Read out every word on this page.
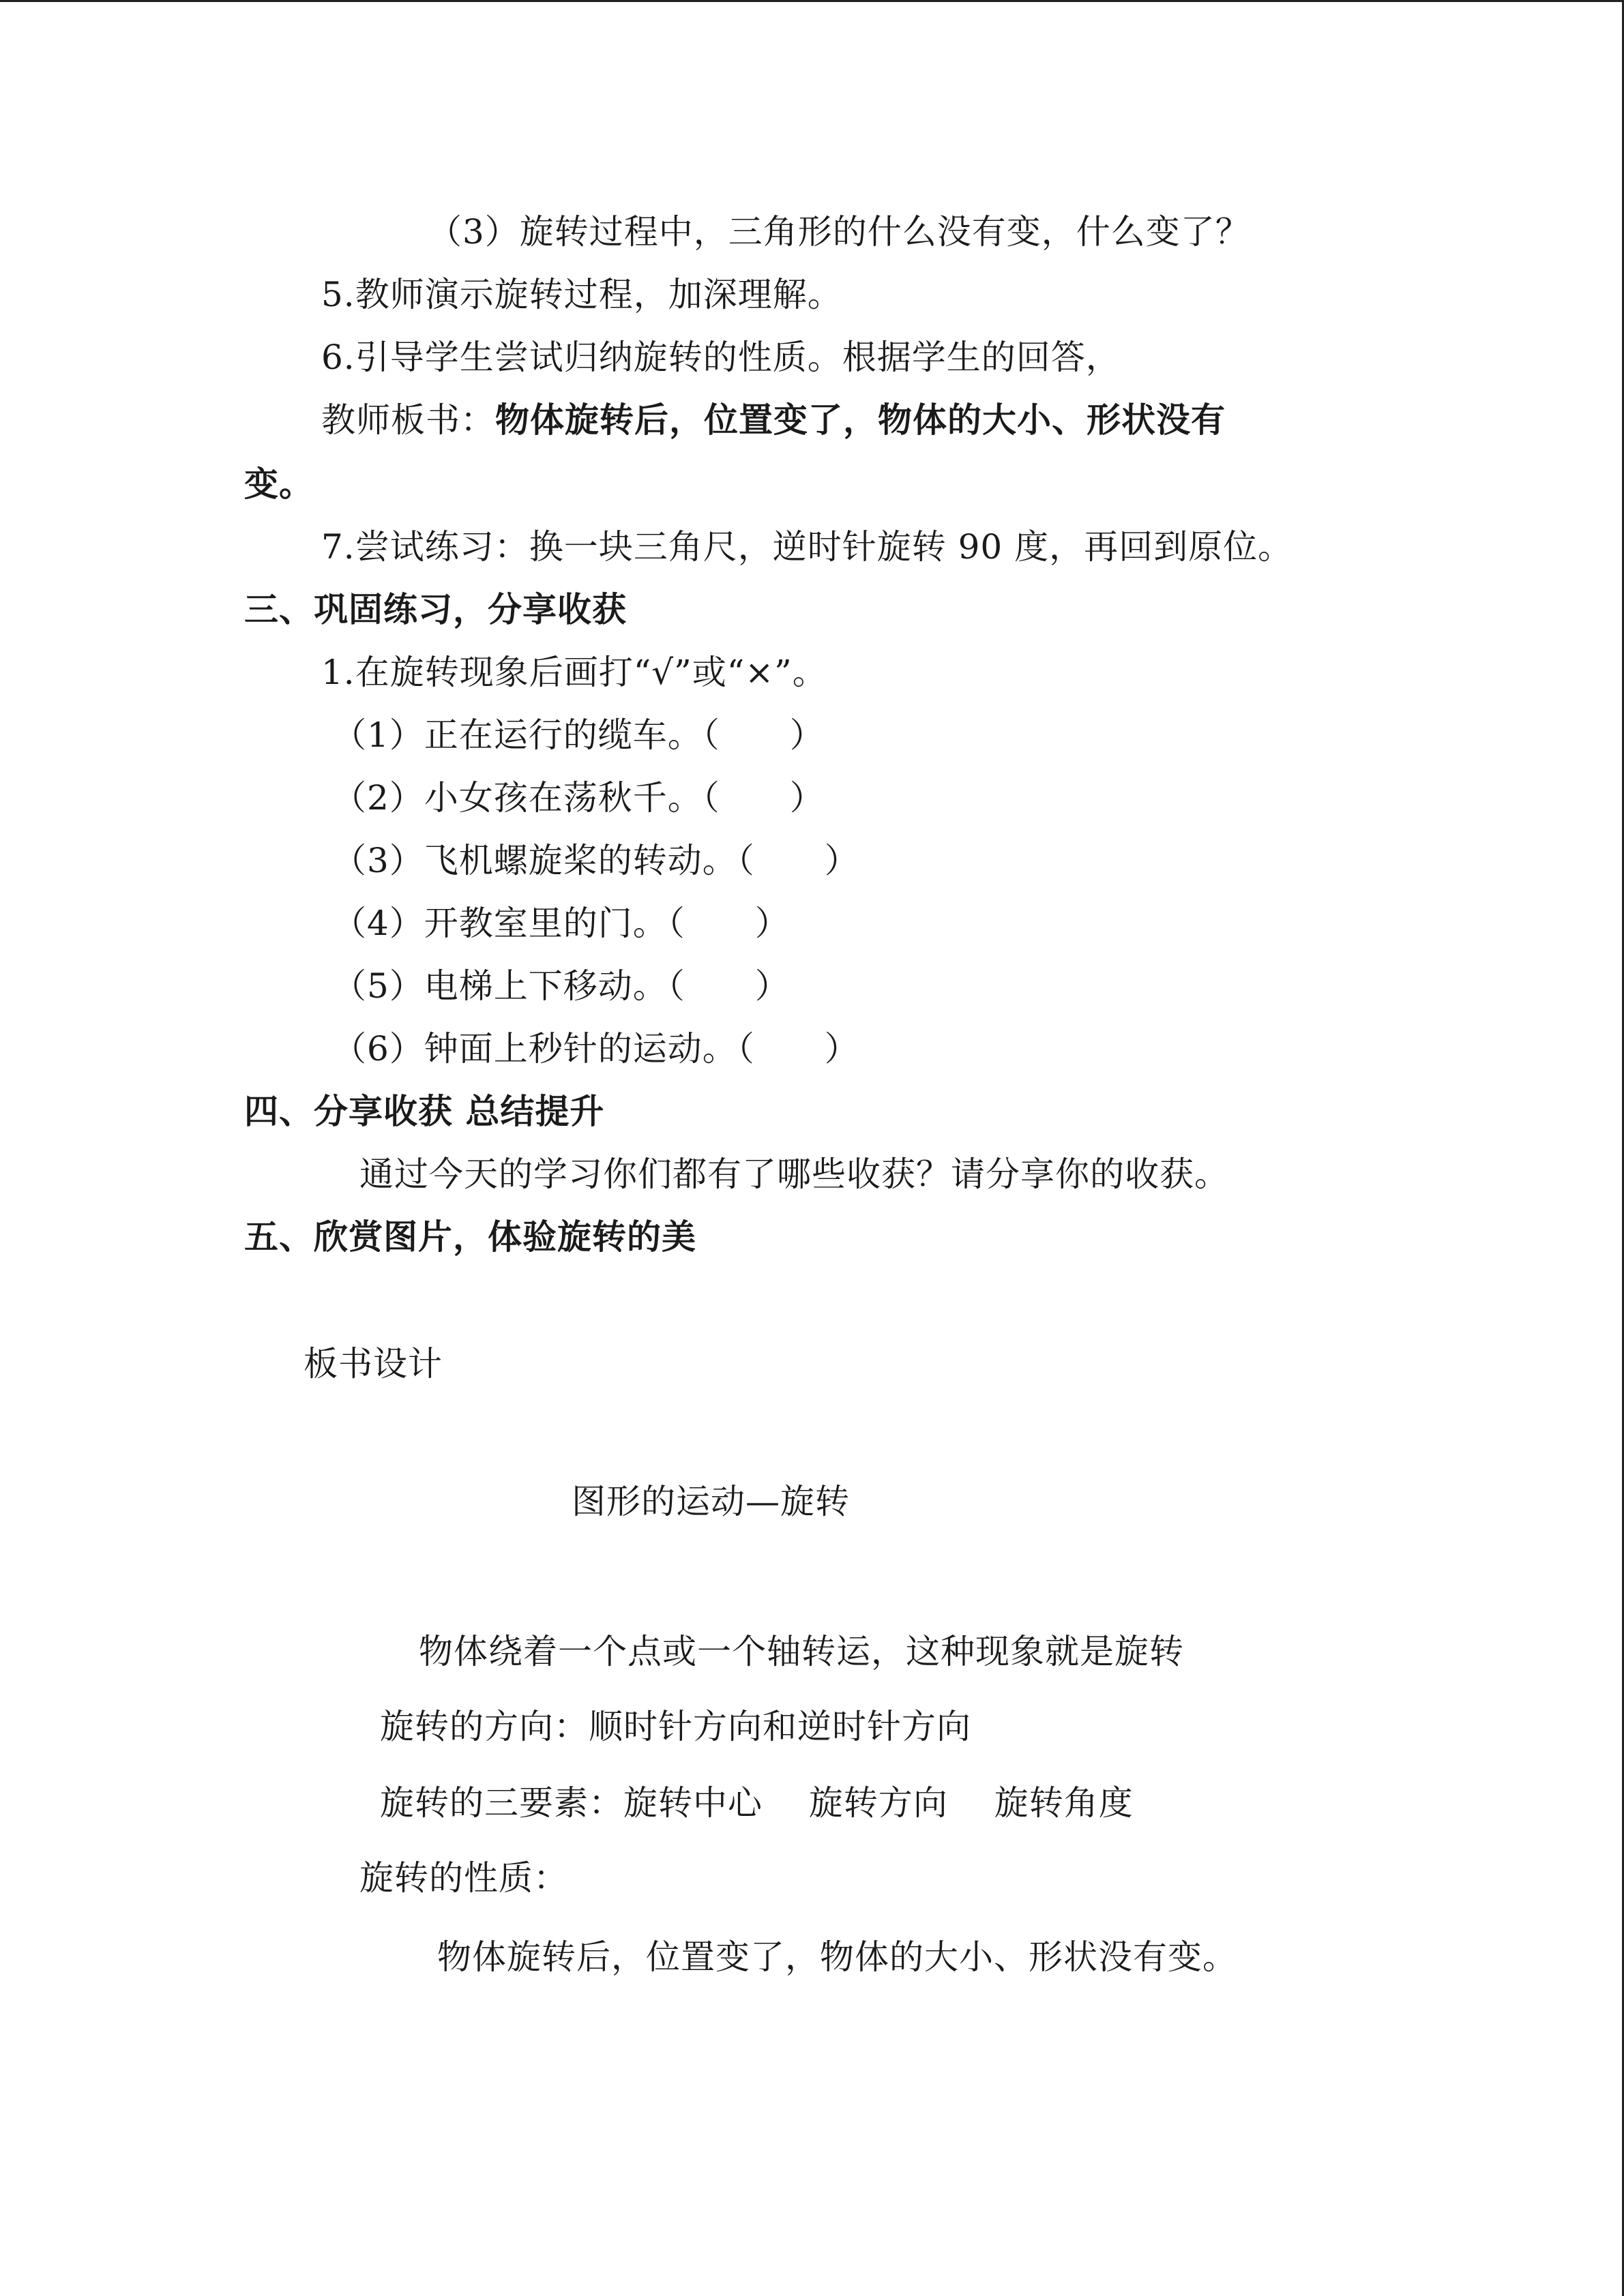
（3）旋转过程中，三角形的什么没有变，什么变了？
5.教师演示旋转过程，加深理解。
6.引导学生尝试归纳旋转的性质。根据学生的回答，
教师板书：物体旋转后，位置变了，物体的大小、形状没有
变。
7.尝试练习：换一块三角尺，逆时针旋转 90 度，再回到原位。
三、巩固练习，分享收获
1.在旋转现象后画打“√”或“×”。
（1）正在运行的缆车。（　　）
（2）小女孩在荡秋千。（　　）
（3）飞机螺旋桨的转动。（　　）
（4）开教室里的门。（　　）
（5）电梯上下移动。（　　）
（6）钟面上秒针的运动。（　　）
四、分享收获 总结提升
通过今天的学习你们都有了哪些收获？请分享你的收获。
五、欣赏图片，体验旋转的美
板书设计
图形的运动—旋转
物体绕着一个点或一个轴转运，这种现象就是旋转
旋转的方向：顺时针方向和逆时针方向
旋转的三要素：旋转中心　 旋转方向　 旋转角度
旋转的性质：
物体旋转后，位置变了，物体的大小、形状没有变。
